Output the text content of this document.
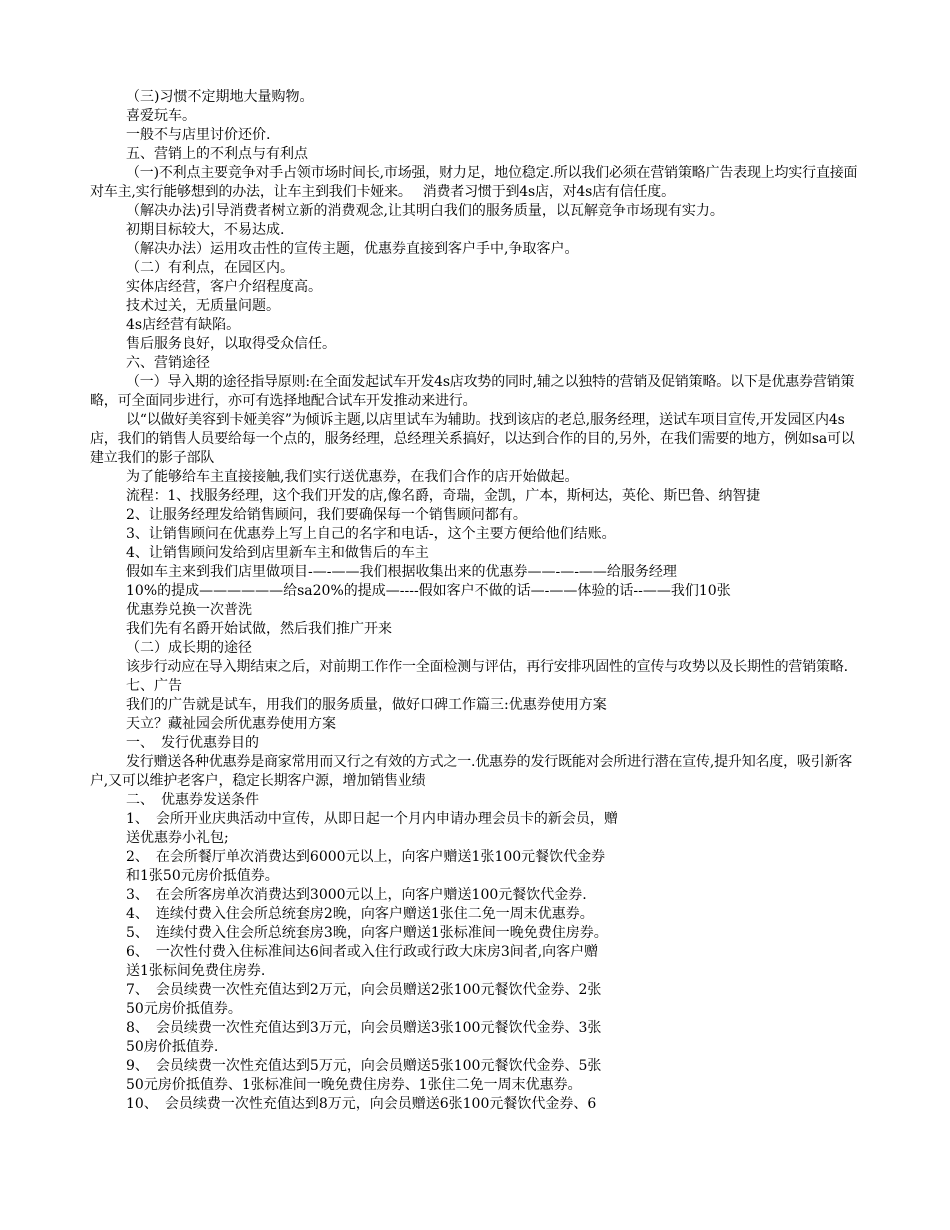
（三)习惯不定期地大量购物。

喜爱玩车。

一般不与店里讨价还价.

五、营销上的不利点与有利点

（一)不利点主要竞争对手占领市场时间长,市场强，财力足，地位稳定.所以我们必须在营销策略广告表现上均实行直接面对车主,实行能够想到的办法，让车主到我们卡娅来。　 消费者习惯于到4s店，对4s店有信任度。

（解决办法)引导消费者树立新的消费观念,让其明白我们的服务质量，以瓦解竞争市场现有实力。

初期目标较大，不易达成.

（解决办法）运用攻击性的宣传主题，优惠券直接到客户手中,争取客户。

（二）有利点，在园区内。

实体店经营，客户介绍程度高。

技术过关，无质量问题。

4s店经营有缺陷。

售后服务良好，以取得受众信任。

六、营销途径

（一）导入期的途径指导原则:在全面发起试车开发4s店攻势的同时,辅之以独特的营销及促销策略。以下是优惠券营销策略，可全面同步进行，亦可有选择地配合试车开发推动来进行。

以“以做好美容到卡娅美容”为倾诉主题,以店里试车为辅助。找到该店的老总,服务经理，送试车项目宣传,开发园区内4s店，我们的销售人员要给每一个点的，服务经理，总经理关系搞好，以达到合作的目的,另外，在我们需要的地方，例如sa可以建立我们的影子部队

为了能够给车主直接接触,我们实行送优惠券，在我们合作的店开始做起。

流程：1、找服务经理，这个我们开发的店,像名爵，奇瑞，金凯，广本，斯柯达，英伦、斯巴鲁、纳智捷

2、让服务经理发给销售顾问，我们要确保每一个销售顾问都有。

3、让销售顾问在优惠券上写上自己的名字和电话-，这个主要方便给他们结账。

4、让销售顾问发给到店里新车主和做售后的车主

假如车主来到我们店里做项目-—-——我们根据收集出来的优惠券——-—-——给服务经理

10%的提成——————给sa20%的提成—----假如客户不做的话—-——体验的话--——我们10张

优惠券兑换一次普洗

我们先有名爵开始试做，然后我们推广开来

（二）成长期的途径

该步行动应在导入期结束之后，对前期工作作一全面检测与评估，再行安排巩固性的宣传与攻势以及长期性的营销策略.

七、广告

我们的广告就是试车，用我们的服务质量，做好口碑工作篇三:优惠券使用方案

天立？藏祉园会所优惠券使用方案

一、　发行优惠券目的

发行赠送各种优惠券是商家常用而又行之有效的方式之一.优惠券的发行既能对会所进行潜在宣传,提升知名度，吸引新客户,又可以维护老客户，稳定长期客户源，增加销售业绩

二、　优惠券发送条件

1、　会所开业庆典活动中宣传，从即日起一个月内申请办理会员卡的新会员，赠

送优惠券小礼包;

2、　在会所餐厅单次消费达到6000元以上，向客户赠送1张100元餐饮代金券

和1张50元房价抵值券。

3、　在会所客房单次消费达到3000元以上，向客户赠送100元餐饮代金券.

4、　连续付费入住会所总统套房2晚，向客户赠送1张住二免一周末优惠券。

5、　连续付费入住会所总统套房3晚，向客户赠送1张标准间一晚免费住房券。

6、　一次性付费入住标准间达6间者或入住行政或行政大床房3间者,向客户赠

送1张标间免费住房券.

7、　会员续费一次性充值达到2万元，向会员赠送2张100元餐饮代金券、2张

50元房价抵值券。

8、　会员续费一次性充值达到3万元，向会员赠送3张100元餐饮代金券、3张

50房价抵值券.

9、　会员续费一次性充值达到5万元，向会员赠送5张100元餐饮代金券、5张

50元房价抵值券、1张标准间一晚免费住房券、1张住二免一周末优惠券。

10、　会员续费一次性充值达到8万元，向会员赠送6张100元餐饮代金券、6
